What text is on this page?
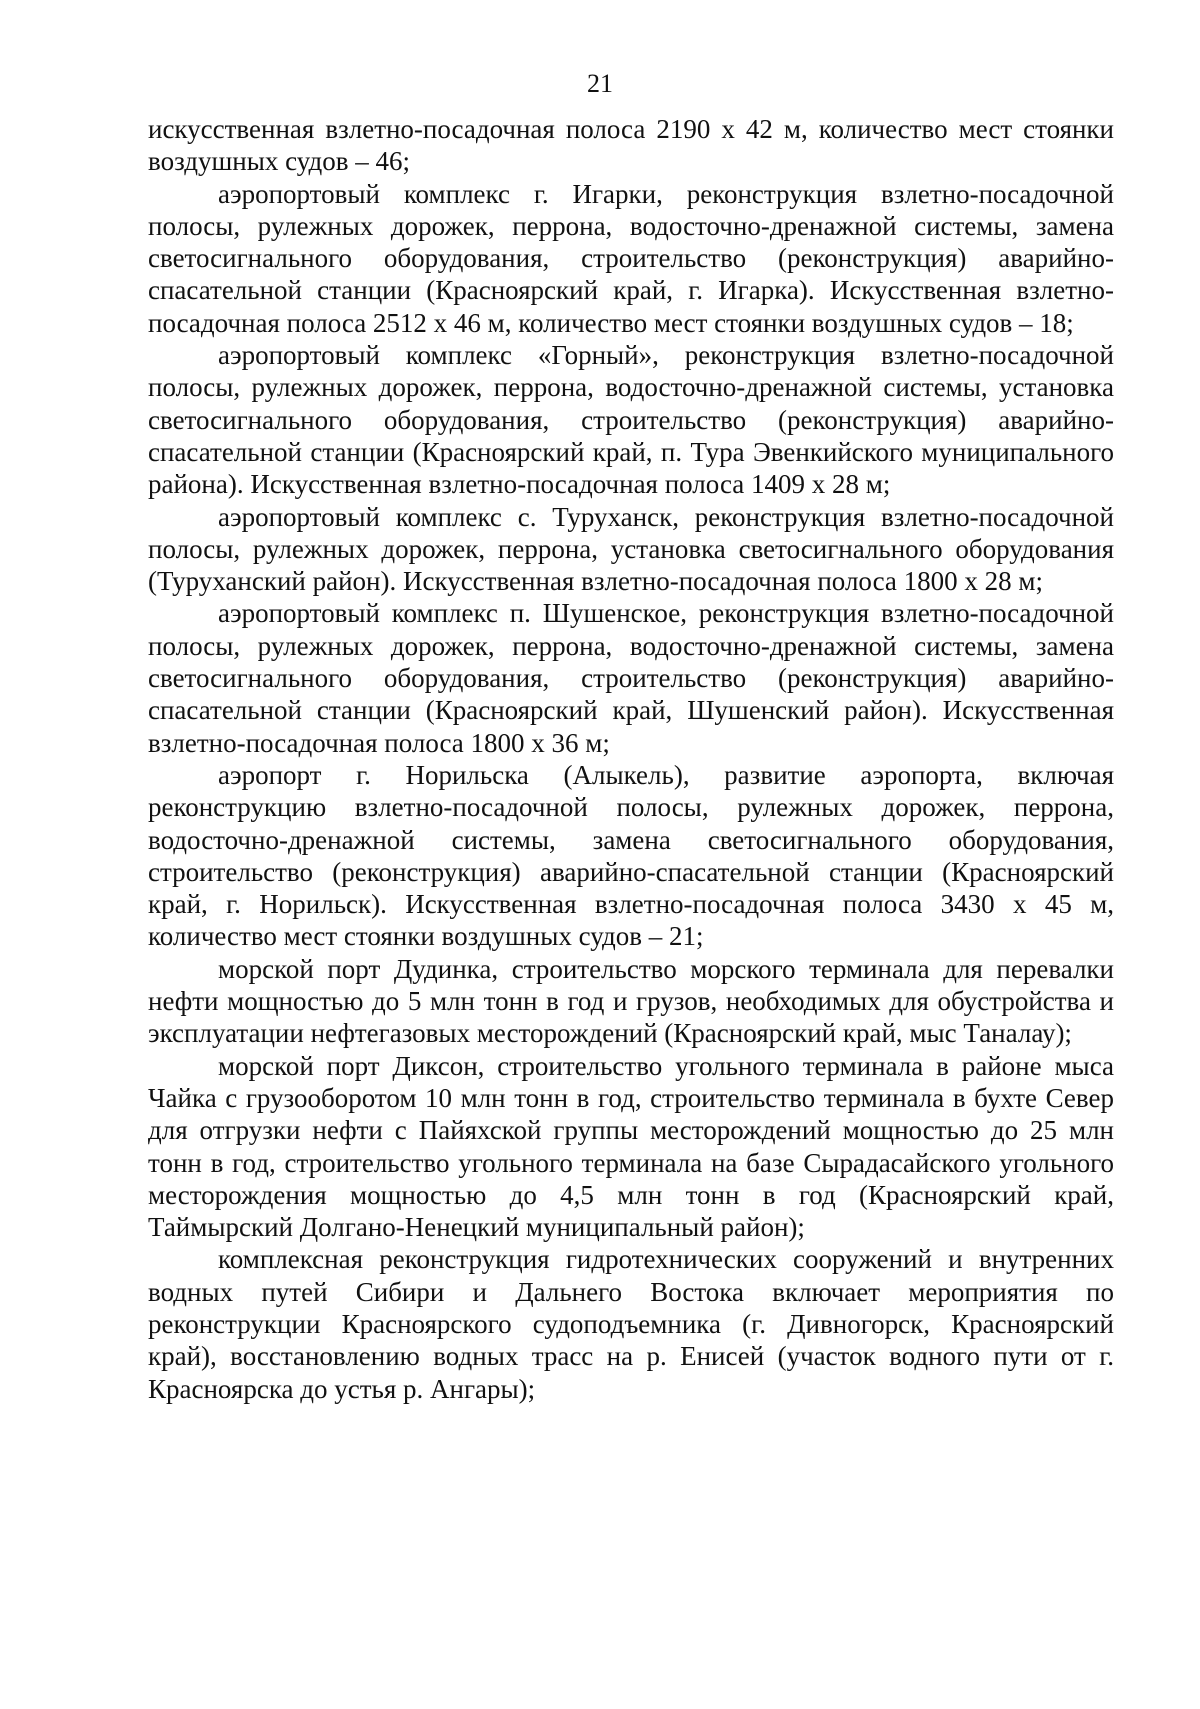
21

искусственная взлетно-посадочная полоса 2190 x 42 м, количество мест стоянки воздушных судов – 46;

аэропортовый комплекс г. Игарки, реконструкция взлетно-посадочной полосы, рулежных дорожек, перрона, водосточно-дренажной системы, замена светосигнального оборудования, строительство (реконструкция) аварийно-спасательной станции (Красноярский край, г. Игарка). Искусственная взлетно-посадочная полоса 2512 x 46 м, количество мест стоянки воздушных судов – 18;

аэропортовый комплекс «Горный», реконструкция взлетно-посадочной полосы, рулежных дорожек, перрона, водосточно-дренажной системы, установка светосигнального оборудования, строительство (реконструкция) аварийно-спасательной станции (Красноярский край, п. Тура Эвенкийского муниципального района). Искусственная взлетно-посадочная полоса 1409 x 28 м;

аэропортовый комплекс с. Туруханск, реконструкция взлетно-посадочной полосы, рулежных дорожек, перрона, установка светосигнального оборудования (Туруханский район). Искусственная взлетно-посадочная полоса 1800 x 28 м;

аэропортовый комплекс п. Шушенское, реконструкция взлетно-посадочной полосы, рулежных дорожек, перрона, водосточно-дренажной системы, замена светосигнального оборудования, строительство (реконструкция) аварийно-спасательной станции (Красноярский край, Шушенский район). Искусственная взлетно-посадочная полоса 1800 x 36 м;

аэропорт г. Норильска (Алыкель), развитие аэропорта, включая реконструкцию взлетно-посадочной полосы, рулежных дорожек, перрона, водосточно-дренажной системы, замена светосигнального оборудования, строительство (реконструкция) аварийно-спасательной станции (Красноярский край, г. Норильск). Искусственная взлетно-посадочная полоса 3430 x 45 м, количество мест стоянки воздушных судов – 21;

морской порт Дудинка, строительство морского терминала для перевалки нефти мощностью до 5 млн тонн в год и грузов, необходимых для обустройства и эксплуатации нефтегазовых месторождений (Красноярский край, мыс Таналау);

морской порт Диксон, строительство угольного терминала в районе мыса Чайка с грузооборотом 10 млн тонн в год, строительство терминала в бухте Север для отгрузки нефти с Пайяхской группы месторождений мощностью до 25 млн тонн в год, строительство угольного терминала на базе Сырадасайского угольного месторождения мощностью до 4,5 млн тонн в год (Красноярский край, Таймырский Долгано-Ненецкий муниципальный район);

комплексная реконструкция гидротехнических сооружений и внутренних водных путей Сибири и Дальнего Востока включает мероприятия по реконструкции Красноярского судоподъемника (г. Дивногорск, Красноярский край), восстановлению водных трасс на р. Енисей (участок водного пути от г. Красноярска до устья р. Ангары);
